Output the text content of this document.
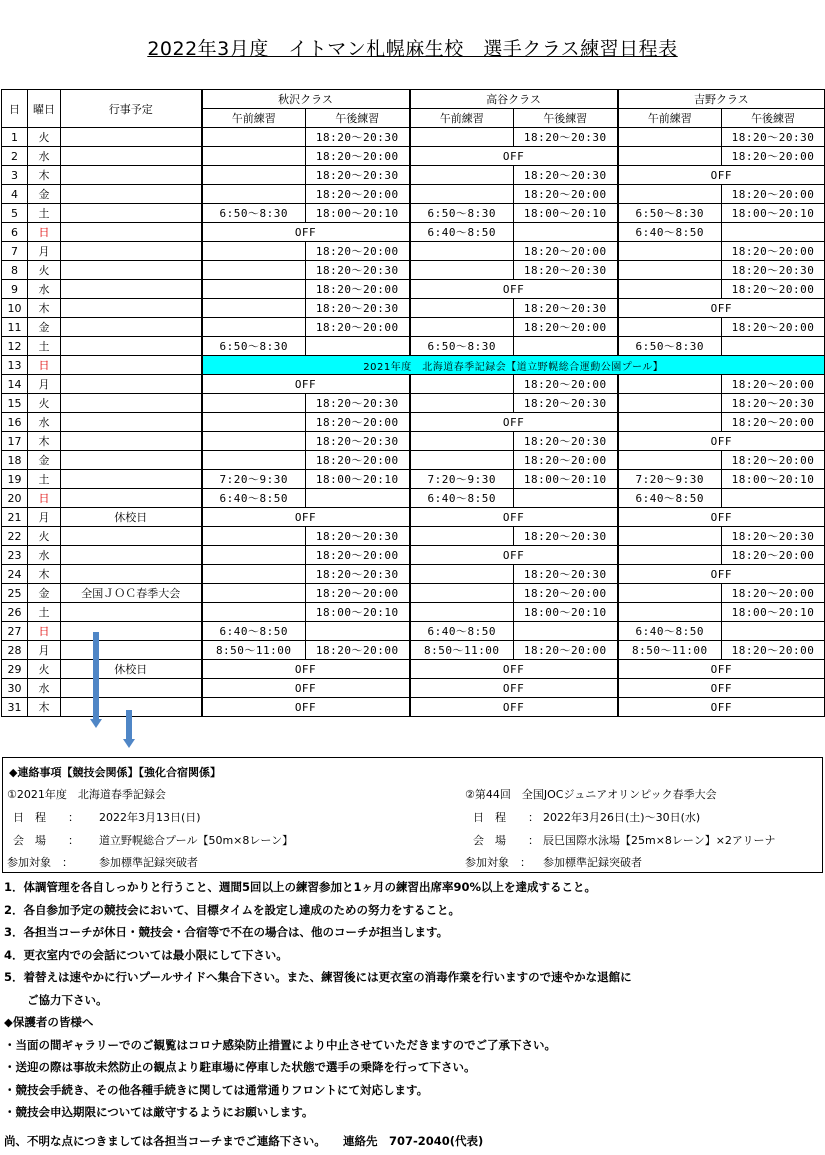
2022年3月度　イトマン札幌麻生校　選手クラス練習日程表
日	曜日	行事予定	秋沢クラス		高谷クラス		吉野クラス	
			午前練習	午後練習	午前練習	午後練習	午前練習	午後練習
1	火			18:20～20:30		18:20～20:30		18:20～20:30
2	水			18:20～20:00	OFF			18:20～20:00
3	木			18:20～20:30		18:20～20:30	OFF	
4	金			18:20～20:00		18:20～20:00		18:20～20:00
5	土		6:50～8:30	18:00～20:10	6:50～8:30	18:00～20:10	6:50～8:30	18:00～20:10
6	日		OFF		6:40～8:50		6:40～8:50	
7	月			18:20～20:00		18:20～20:00		18:20～20:00
8	火			18:20～20:30		18:20～20:30		18:20～20:30
9	水			18:20～20:00	OFF			18:20～20:00
10	木			18:20～20:30		18:20～20:30	OFF	
11	金			18:20～20:00		18:20～20:00		18:20～20:00
12	土		6:50～8:30		6:50～8:30		6:50～8:30	
13	日		2021年度　北海道春季記録会【道立野幌総合運動公園プール】					
14	月		OFF			18:20～20:00		18:20～20:00
15	火			18:20～20:30		18:20～20:30		18:20～20:30
16	水			18:20～20:00	OFF			18:20～20:00
17	木			18:20～20:30		18:20～20:30	OFF	
18	金			18:20～20:00		18:20～20:00		18:20～20:00
19	土		7:20～9:30	18:00～20:10	7:20～9:30	18:00～20:10	7:20～9:30	18:00～20:10
20	日		6:40～8:50		6:40～8:50		6:40～8:50	
21	月	休校日	OFF		OFF		OFF	
22	火			18:20～20:30		18:20～20:30		18:20～20:30
23	水			18:20～20:00	OFF			18:20～20:00
24	木			18:20～20:30		18:20～20:30	OFF	
25	金	全国ＪＯＣ春季大会		18:20～20:00		18:20～20:00		18:20～20:00
26	土			18:00～20:10		18:00～20:10		18:00～20:10
27	日		6:40～8:50		6:40～8:50		6:40～8:50	
28	月		8:50～11:00	18:20～20:00	8:50～11:00	18:20～20:00	8:50～11:00	18:20～20:00
29	火	休校日	OFF		OFF		OFF	
30	水		OFF		OFF		OFF	
31	木		OFF		OFF		OFF	
◆連絡事項【競技会関係】【強化合宿関係】
①2021年度　北海道春季記録会
日　程　　： 2022年3月13日(日)
会　場　　： 道立野幌総合プール【50m×8レーン】
参加対象　： 参加標準記録突破者
②第44回　全国JOCジュニアオリンピック春季大会
日　程　　： 2022年3月26日(土)～30日(水)
会　場　　： 辰巳国際水泳場【25m×8レーン】×2アリーナ
参加対象　： 参加標準記録突破者
1．体調管理を各自しっかりと行うこと、週間5回以上の練習参加と1ヶ月の練習出席率90%以上を達成すること。
2．各自参加予定の競技会において、目標タイムを設定し達成のための努力をすること。
3．各担当コーチが休日・競技会・合宿等で不在の場合は、他のコーチが担当します。
4．更衣室内での会話については最小限にして下さい。
5．着替えは速やかに行いプールサイドへ集合下さい。また、練習後には更衣室の消毒作業を行いますので速やかな退館に
　　ご協力下さい。
◆保護者の皆様へ
・当面の間ギャラリーでのご観覧はコロナ感染防止措置により中止させていただきますのでご了承下さい。
・送迎の際は事故未然防止の観点より駐車場に停車した状態で選手の乗降を行って下さい。
・競技会手続き、その他各種手続きに関しては通常通りフロントにて対応します。
・競技会申込期限については厳守するようにお願いします。
尚、不明な点につきましては各担当コーチまでご連絡下さい。　　連絡先　707-2040(代表)
